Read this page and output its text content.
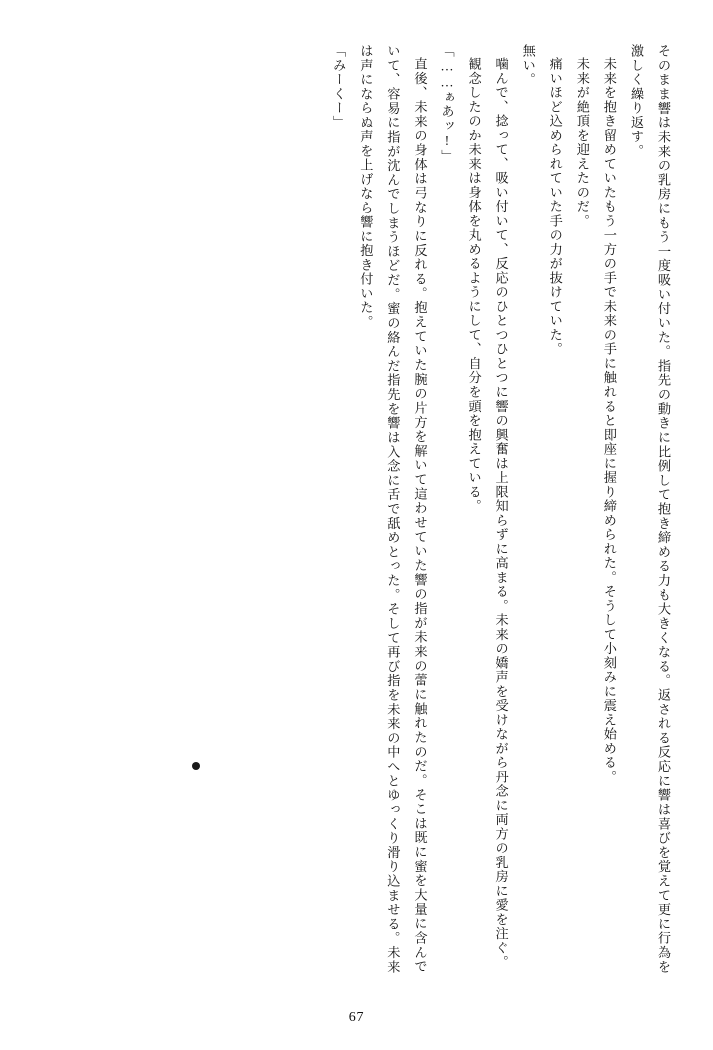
そのまま響は未来の乳房にもう一度吸い付いた。指先の動きに比例して抱き締める力も大きくなる。返される反応に響は喜びを覚えて更に行為を激しく繰り返す。

未来を抱き留めていたもう一方の手で未来の手に触れると即座に握り締められた。そうして小刻みに震え始める。

未来が絶頂を迎えたのだ。

痛いほど込められていた手の力が抜けていた。

無い。

噛んで、捻って、吸い付いて、反応のひとつひとつに響の興奮は上限知らずに高まる。未来の嬌声を受けながら丹念に両方の乳房に愛を注ぐ。

観念したのか未来は身体を丸めるようにして、自分を頭を抱えている。

「……ぁあッ!」

直後、未来の身体は弓なりに反れる。抱えていた腕の片方を解いて這わせていた響の指が未来の蕾に触れたのだ。そこは既に蜜を大量に含んでいて、容易に指が沈んでしまうほどだ。蜜の絡んだ指先を響は入念に舌で舐めとった。そして再び指を未来の中へとゆっくり滑り込ませる。未来は声にならぬ声を上げなら響に抱き付いた。

「みーくー」

67
